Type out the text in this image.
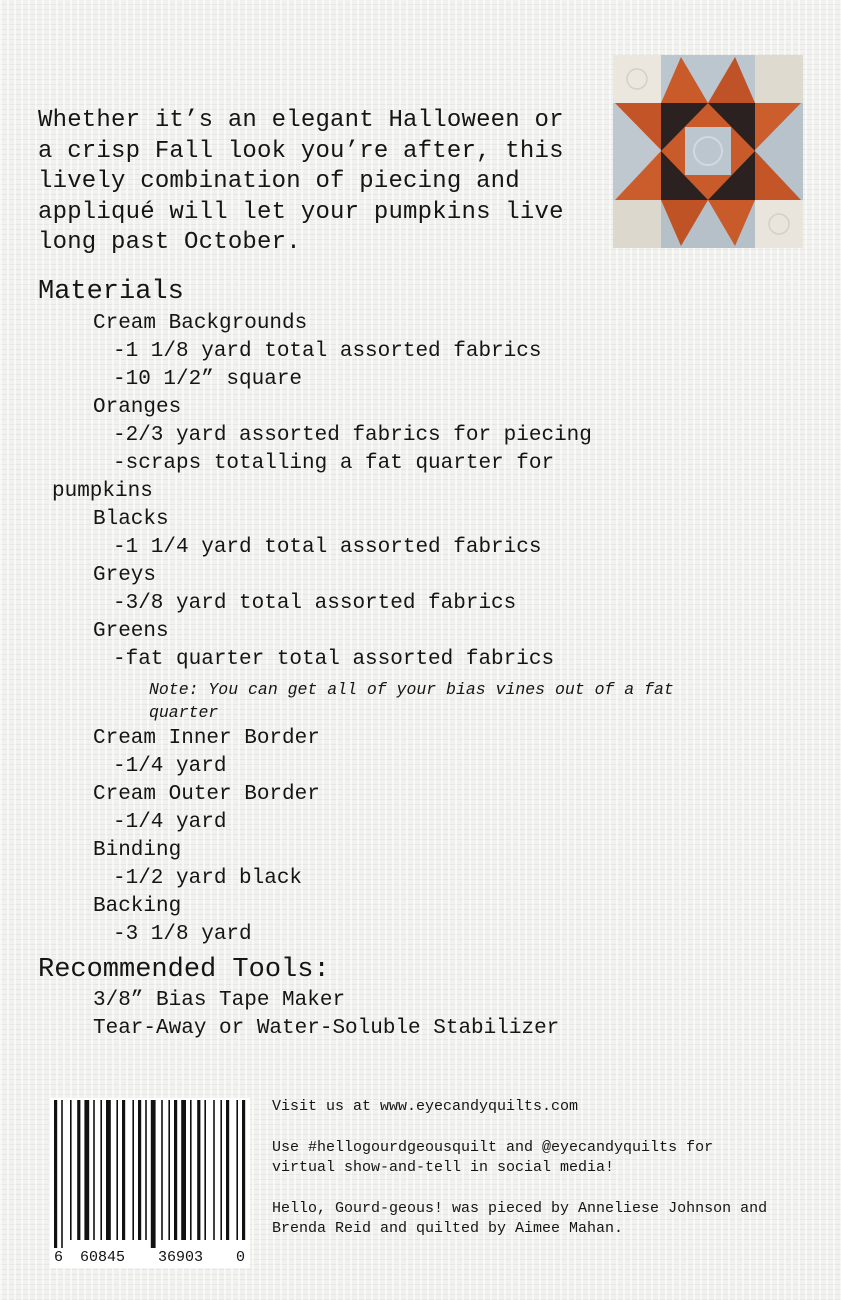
Whether it’s an elegant Halloween or
a crisp Fall look you’re after, this
lively combination of piecing and
appliqué will let your pumpkins live
long past October.

Materials
Cream Backgrounds
-1 1/8 yard total assorted fabrics
-10 1/2” square
Oranges
-2/3 yard assorted fabrics for piecing
-scraps totalling a fat quarter for
pumpkins
Blacks
-1 1/4 yard total assorted fabrics
Greys
-3/8 yard total assorted fabrics
Greens
-fat quarter total assorted fabrics
Note: You can get all of your bias vines out of a fat
quarter
Cream Inner Border
-1/4 yard
Cream Outer Border
-1/4 yard
Binding
-1/2 yard black
Backing
-3 1/8 yard
Recommended Tools:
3/8” Bias Tape Maker
Tear-Away or Water-Soluble Stabilizer
6 60845 36903 0
Visit us at www.eyecandyquilts.com
Use #hellogourdgeousquilt and @eyecandyquilts for
virtual show-and-tell in social media!
Hello, Gourd-geous! was pieced by Anneliese Johnson and
Brenda Reid and quilted by Aimee Mahan.
